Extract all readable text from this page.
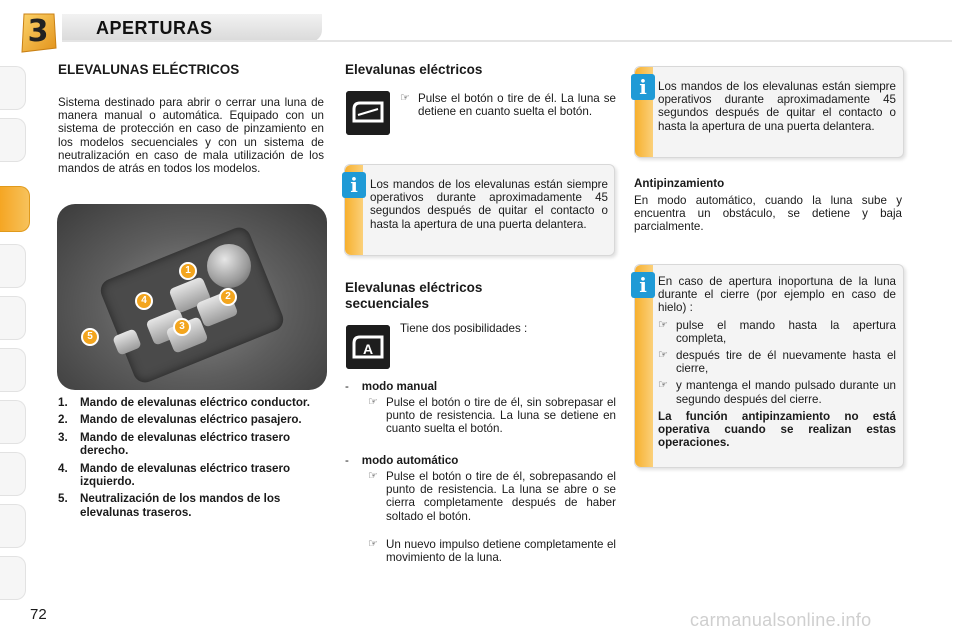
3	APERTURAS
ELEVALUNAS ELÉCTRICOS
Sistema destinado para abrir o cerrar una luna de manera manual o automática. Equipado con un sistema de protección en caso de pinzamiento en los modelos secuenciales y con un sistema de neutralización en caso de mala utilización de los mandos de atrás en todos los modelos.
1
2
3
4
5
1.	Mando de elevalunas eléctrico conductor.
2.	Mando de elevalunas eléctrico pasajero.
3.	Mando de elevalunas eléctrico trasero derecho.
4.	Mando de elevalunas eléctrico trasero izquierdo.
5.	Neutralización de los mandos de los elevalunas traseros.
Elevalunas eléctricos
☞ Pulse el botón o tire de él. La luna se detiene en cuanto suelta el botón.
i	Los mandos de los elevalunas están siempre operativos durante aproximadamente 45 segundos después de quitar el contacto o hasta la apertura de una puerta delantera.
Elevalunas eléctricos secuenciales
A
Tiene dos posibilidades :
- modo manual
☞ Pulse el botón o tire de él, sin sobrepasar el punto de resistencia. La luna se detiene en cuanto suelta el botón.
- modo automático
☞ Pulse el botón o tire de él, sobrepasando el punto de resistencia. La luna se abre o se cierra completamente después de haber soltado el botón.
☞ Un nuevo impulso detiene completamente el movimiento de la luna.
i Los mandos de los elevalunas están siempre operativos durante aproximadamente 45 segundos después de quitar el contacto o hasta la apertura de una puerta delantera.
Antipinzamiento
En modo automático, cuando la luna sube y encuentra un obstáculo, se detiene y baja parcialmente.
i En caso de apertura inoportuna de la luna durante el cierre (por ejemplo en caso de hielo) :
☞ pulse el mando hasta la apertura completa,
☞ después tire de él nuevamente hasta el cierre,
☞ y mantenga el mando pulsado durante un segundo después del cierre.
La función antipinzamiento no está operativa cuando se realizan estas operaciones.
72	carmanualsonline.info
